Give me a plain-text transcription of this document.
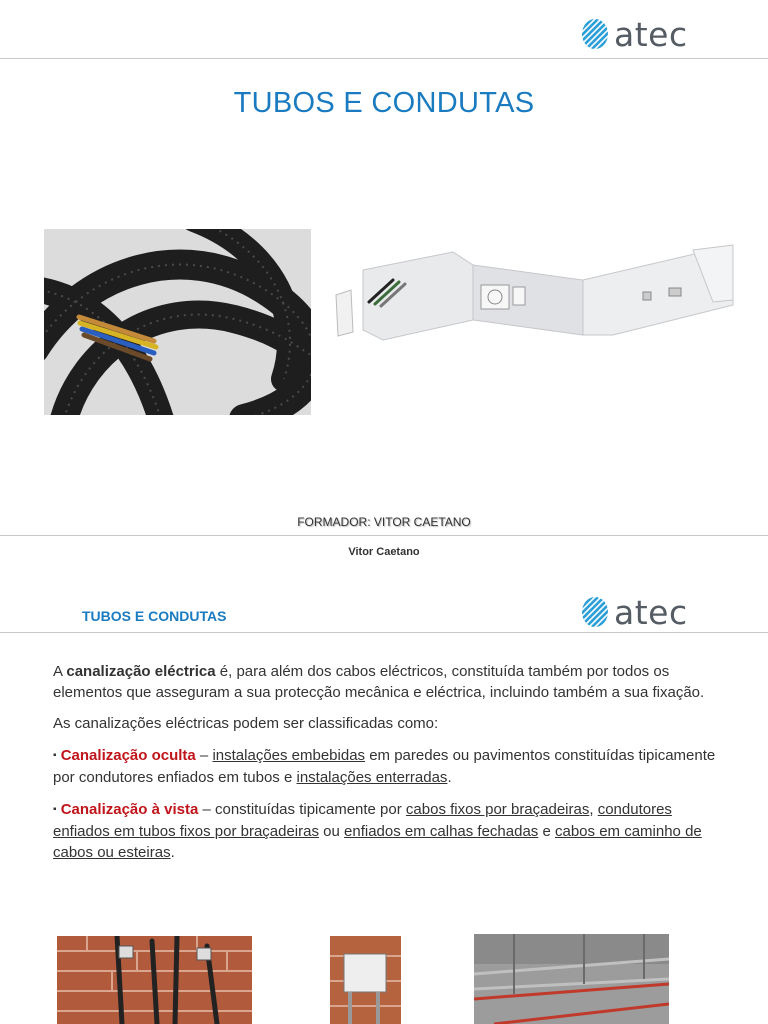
atec
TUBOS E CONDUTAS
FORMADOR: VITOR CAETANO
Vitor Caetano
TUBOS E CONDUTAS	atec

A canalização eléctrica é, para além dos cabos eléctricos, constituída também por todos os elementos que asseguram a sua protecção mecânica e eléctrica, incluindo também a sua fixação.

As canalizações eléctricas podem ser classificadas como:

▪ Canalização oculta – instalações embebidas em paredes ou pavimentos constituídas tipicamente por condutores enfiados em tubos e instalações enterradas.

▪ Canalização à vista – constituídas tipicamente por cabos fixos por braçadeiras, condutores enfiados em tubos fixos por braçadeiras ou enfiados em calhas fechadas e cabos em caminho de cabos ou esteiras.
